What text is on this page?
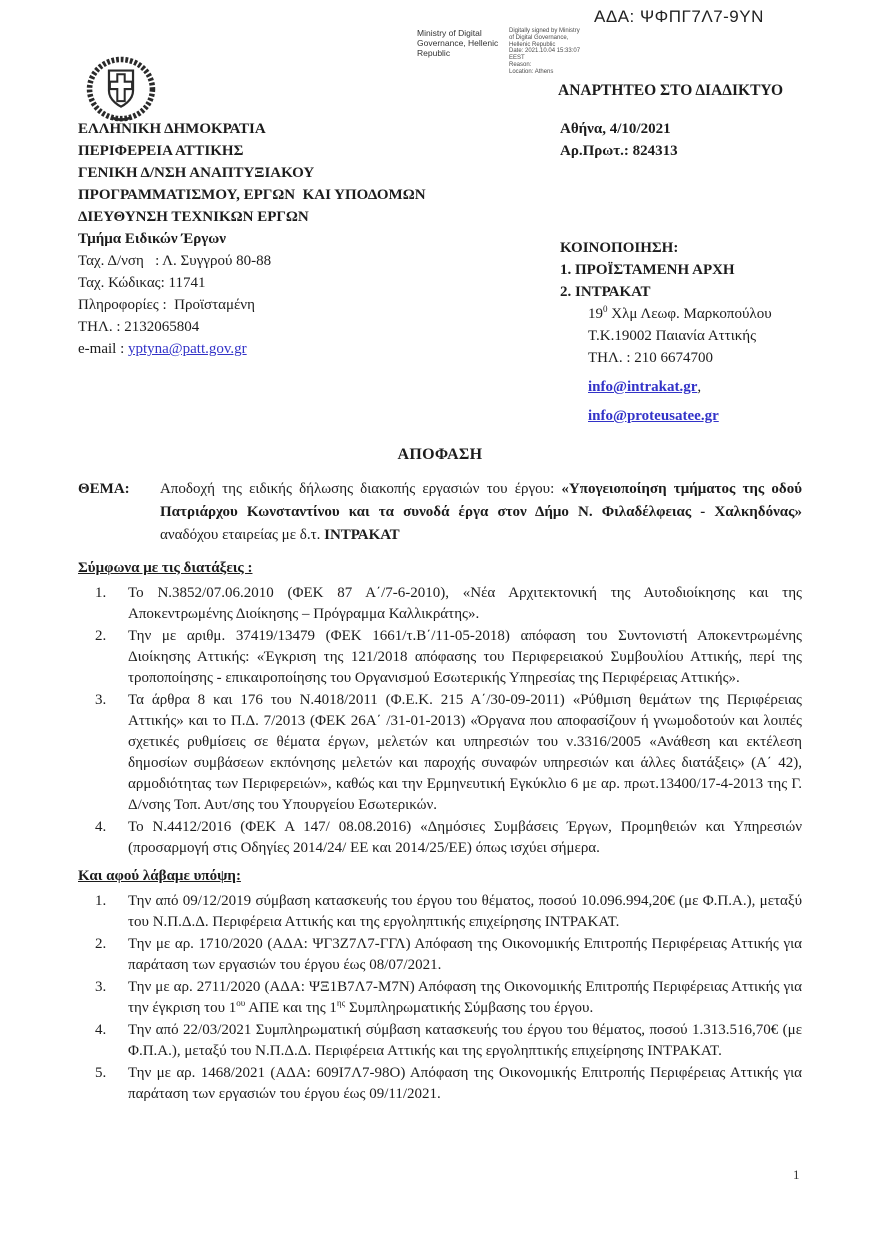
ΑΔΑ: ΨΦΠΓ7Λ7-9ΥΝ
Ministry of Digital Governance, Hellenic Republic
Digitally signed by Ministry
of Digital Governance,
Hellenic Republic
Date: 2021.10.04 15:33:07
EEST
Reason:
Location: Athens
ΑΝΑΡΤΗΤΕΟ ΣΤΟ ΔΙΑΔΙΚΤΥΟ
ΕΛΛΗΝΙΚΗ ΔΗΜΟΚΡΑΤΙΑ
ΠΕΡΙΦΕΡΕΙΑ ΑΤΤΙΚΗΣ
ΓΕΝΙΚΗ Δ/ΝΣΗ ΑΝΑΠΤΥΞΙΑΚΟΥ
ΠΡΟΓΡΑΜΜΑΤΙΣΜΟΥ, ΕΡΓΩΝ  ΚΑΙ ΥΠΟΔΟΜΩΝ
ΔΙΕΥΘΥΝΣΗ ΤΕΧΝΙΚΩΝ ΕΡΓΩΝ
Τμήμα Ειδικών Έργων
Ταχ. Δ/νση   : Λ. Συγγρού 80-88
Ταχ. Κώδικας: 11741
Πληροφορίες :  Προϊσταμένη
ΤΗΛ. : 2132065804
e-mail : yptyna@patt.gov.gr
Αθήνα, 4/10/2021
Αρ.Πρωτ.: 824313
ΚΟΙΝΟΠΟΙΗΣΗ:
1. ΠΡΟΪΣΤΑΜΕΝΗ ΑΡΧΗ
2. ΙΝΤΡΑΚΑΤ
$19^0$ Χλμ Λεωφ. Μαρκοπούλου
Τ.Κ.19002 Παιανία Αττικής
ΤΗΛ. : 210 6674700
info@intrakat.gr,
info@proteusatee.gr
ΑΠΟΦΑΣΗ
ΘΕΜΑ:	Αποδοχή της ειδικής δήλωσης διακοπής εργασιών του έργου: «Υπογειοποίηση τμήματος της οδού Πατριάρχου Κωνσταντίνου και τα συνοδά έργα στον Δήμο Ν. Φιλαδέλφειας - Χαλκηδόνας» αναδόχου εταιρείας με δ.τ. ΙΝΤΡΑΚΑΤ
Σύμφωνα με τις διατάξεις :
1.	Το Ν.3852/07.06.2010 (ΦΕΚ 87 Α΄/7-6-2010), «Νέα Αρχιτεκτονική της Αυτοδιοίκησης και της Αποκεντρωμένης Διοίκησης – Πρόγραμμα Καλλικράτης».
2.	Την με αριθμ. 37419/13479 (ΦΕΚ 1661/τ.Β΄/11-05-2018) απόφαση του Συντονιστή Αποκεντρωμένης Διοίκησης Αττικής: «Έγκριση της 121/2018 απόφασης του Περιφερειακού Συμβουλίου Αττικής, περί της τροποποίησης - επικαιροποίησης του Οργανισμού Εσωτερικής Υπηρεσίας της Περιφέρειας Αττικής».
3.	Τα άρθρα 8 και 176 του Ν.4018/2011 (Φ.Ε.Κ. 215 Α΄/30-09-2011) «Ρύθμιση θεμάτων της Περιφέρειας Αττικής» και το Π.Δ. 7/2013 (ΦΕΚ 26Α΄ /31-01-2013) «Όργανα που αποφασίζουν ή γνωμοδοτούν και λοιπές σχετικές ρυθμίσεις σε θέματα έργων, μελετών και υπηρεσιών του ν.3316/2005 «Ανάθεση και εκτέλεση δημοσίων συμβάσεων εκπόνησης μελετών και παροχής συναφών υπηρεσιών και άλλες διατάξεις» (Α΄ 42), αρμοδιότητας των Περιφερειών», καθώς και την Ερμηνευτική Εγκύκλιο 6 με αρ. πρωτ.13400/17-4-2013 της Γ. Δ/νσης Τοπ. Αυτ/σης του Υπουργείου Εσωτερικών.
4.	Το Ν.4412/2016 (ΦΕΚ Α 147/ 08.08.2016) «Δημόσιες Συμβάσεις Έργων, Προμηθειών και Υπηρεσιών (προσαρμογή στις Οδηγίες 2014/24/ ΕΕ και 2014/25/ΕΕ) όπως ισχύει σήμερα.
Και αφού λάβαμε υπόψη:
1.	Την από 09/12/2019 σύμβαση κατασκευής του έργου του θέματος, ποσού 10.096.994,20€ (με Φ.Π.Α.), μεταξύ του Ν.Π.Δ.Δ. Περιφέρεια Αττικής και της εργοληπτικής επιχείρησης ΙΝΤΡΑΚΑΤ.
2.	Την με αρ. 1710/2020 (ΑΔΑ: ΨΓ3Ζ7Λ7-ΓΓΛ) Απόφαση της Οικονομικής Επιτροπής Περιφέρειας Αττικής για παράταση των εργασιών του έργου έως 08/07/2021.
3.	Την με αρ. 2711/2020 (ΑΔΑ: ΨΞ1Β7Λ7-Μ7Ν) Απόφαση της Οικονομικής Επιτροπής Περιφέρειας Αττικής για την έγκριση του $1^{o\upsilon}$ ΑΠΕ και της $1^{\eta\varsigma}$ Συμπληρωματικής Σύμβασης του έργου.
4.	Την από 22/03/2021 Συμπληρωματική σύμβαση κατασκευής του έργου του θέματος, ποσού 1.313.516,70€ (με Φ.Π.Α.), μεταξύ του Ν.Π.Δ.Δ. Περιφέρεια Αττικής και της εργοληπτικής επιχείρησης ΙΝΤΡΑΚΑΤ.
5.	Την με αρ. 1468/2021 (ΑΔΑ: 609Ι7Λ7-98Ο) Απόφαση της Οικονομικής Επιτροπής Περιφέρειας Αττικής για παράταση των εργασιών του έργου έως 09/11/2021.
1
